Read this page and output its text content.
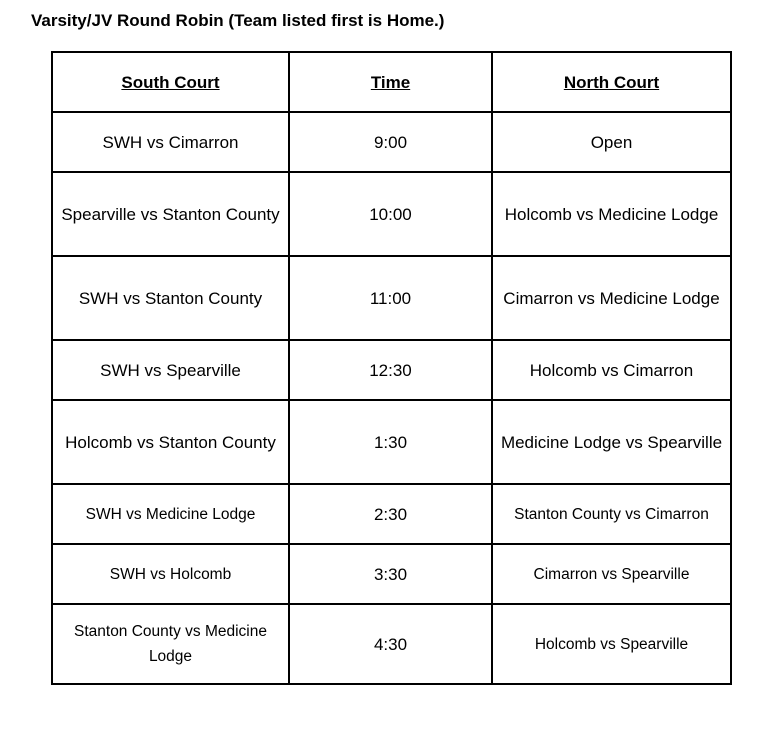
Varsity/JV Round Robin (Team listed first is Home.)
South Court	Time	North Court
SWH vs Cimarron	9:00	Open
Spearville vs Stanton County	10:00	Holcomb vs Medicine Lodge
SWH vs Stanton County	11:00	Cimarron vs Medicine Lodge
SWH vs Spearville	12:30	Holcomb vs Cimarron
Holcomb vs Stanton County	1:30	Medicine Lodge vs Spearville
SWH vs Medicine Lodge	2:30	Stanton County vs Cimarron
SWH vs Holcomb	3:30	Cimarron vs Spearville
Stanton County vs Medicine Lodge	4:30	Holcomb vs Spearville
